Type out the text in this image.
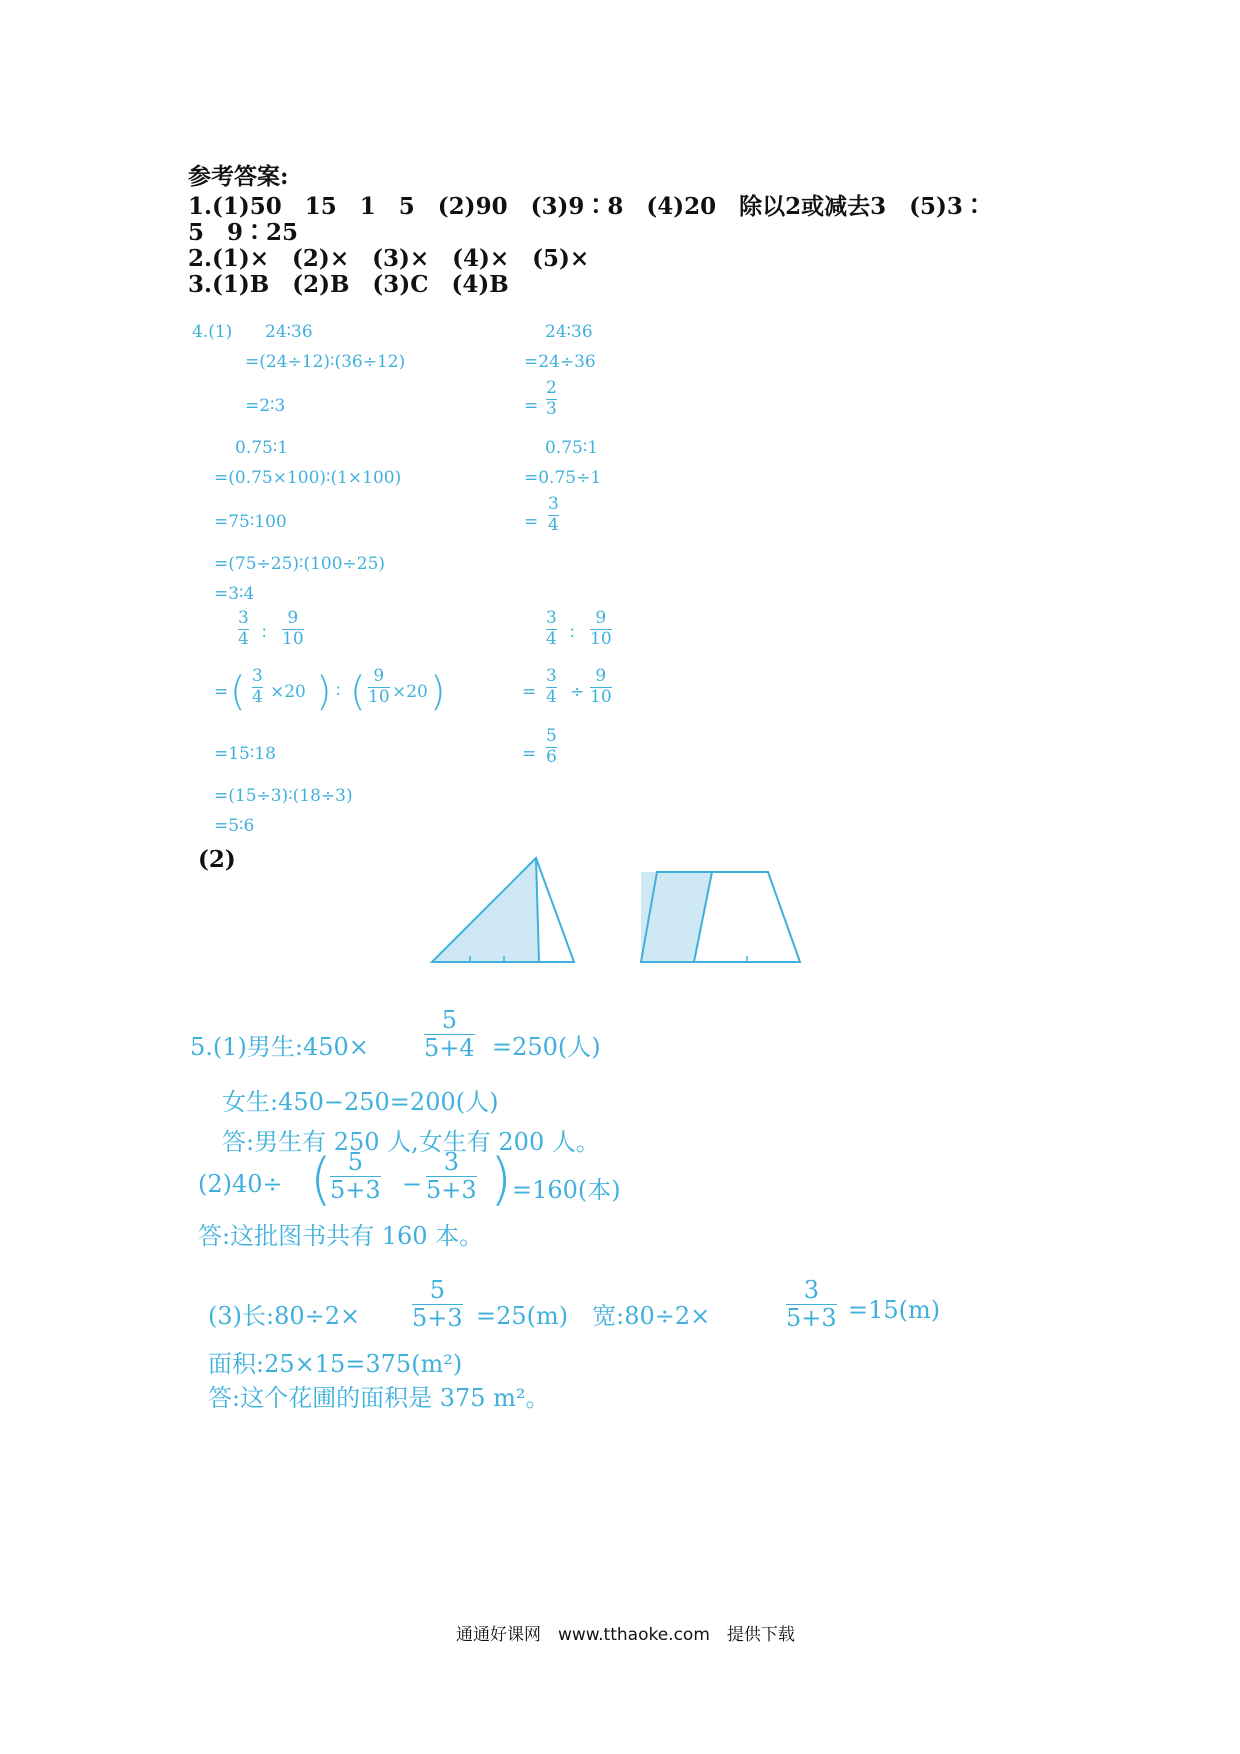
参考答案:
1.(1)50　15　1　5　(2)90　(3)9∶8　(4)20　除以2或减去3　(5)3∶
5　9∶25
2.(1)×　(2)×　(3)×　(4)×　(5)×
3.(1)B　(2)B　(3)C　(4)B
4.(1) 24∶36
=(24÷12)∶(36÷12)
=2∶3
24∶36
=24÷36
=
2
3
0.75∶1
=(0.75×100)∶(1×100)
=75∶100
=(75÷25)∶(100÷25)
=3∶4
0.75∶1
=0.75÷1
=
3
4
3
4 ∶
9
10
= ( 3
4 ×20 ) ∶ ( 9
10 ×20 )
=15∶18
=(15÷3)∶(18÷3)
=5∶6
3
4 ∶
9
10
=
3
4 ÷
9
10
=
5
6
(2)
5.(1)男生:450×
5
5+4 =250(人)
女生:450−250=200(人)
答:男生有 250 人,女生有 200 人。
(2)40÷ ( 5
5+3 −
3
5+3 ) =160(本)
答:这批图书共有 160 本。
(3)长:80÷2×
5
5+3 =25(m)　宽:80÷2×
3
5+3 =15(m)
面积:25×15=375(m²)
答:这个花圃的面积是 375 m²。
通通好课网　www.tthaoke.com　提供下载
